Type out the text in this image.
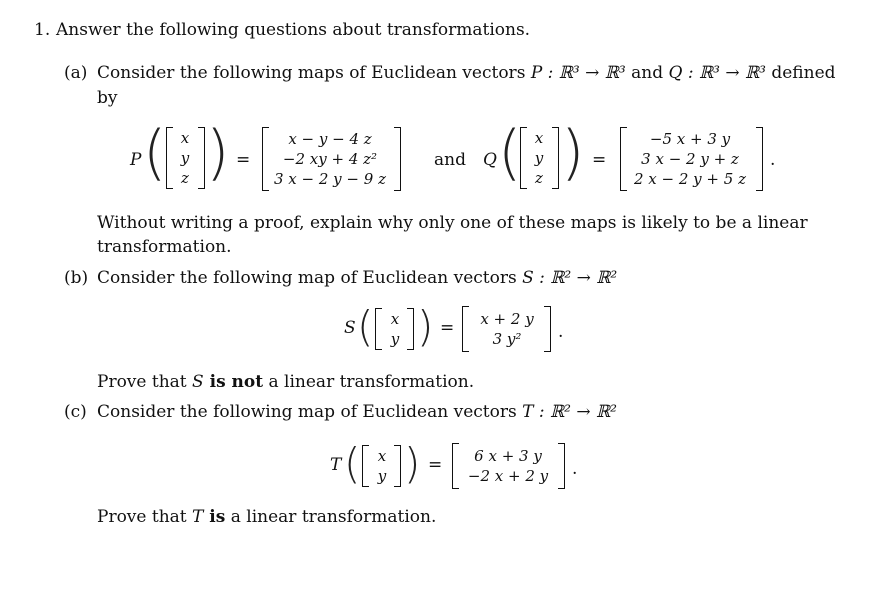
1. Answer the following questions about transformations.
(a) Consider the following maps of Euclidean vectors P : ℝ³ → ℝ³ and Q : ℝ³ → ℝ³ defined
by
P ( x
y
z ) =
x − y − 4 z
−2 xy + 4 z²
3 x − 2 y − 9 z
and Q ( x
y
z ) =
−5 x + 3 y
3 x − 2 y + z
2 x − 2 y + 5 z
.
Without writing a proof, explain why only one of these maps is likely to be a linear
transformation.
(b) Consider the following map of Euclidean vectors S : ℝ² → ℝ²
S ( x
y ) = x + 2 y
3 y² .
Prove that S is not a linear transformation.
(c) Consider the following map of Euclidean vectors T : ℝ² → ℝ²
T ( x
y ) = 6 x + 3 y
−2 x + 2 y .
Prove that T is a linear transformation.
